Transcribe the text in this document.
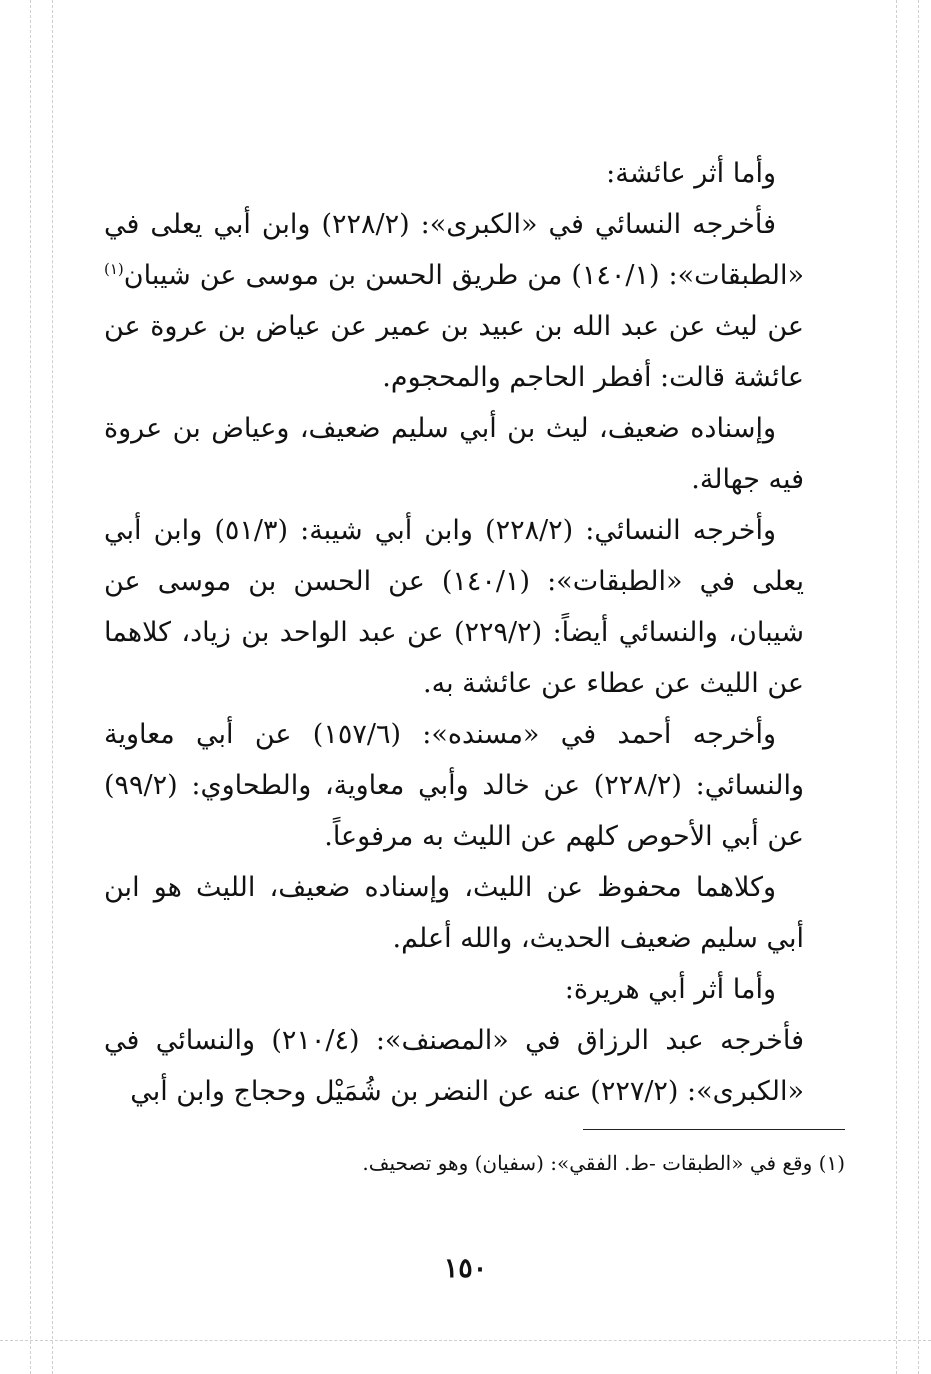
وأما أثر عائشة:

فأخرجه النسائي في «الكبرى»: (٢٢٨/٢) وابن أبي يعلى في «الطبقات»: (١٤٠/١) من طريق الحسن بن موسى عن شيبان$^{(١)}$ عن ليث عن عبد الله بن عبيد بن عمير عن عياض بن عروة عن عائشة قالت: أفطر الحاجم والمحجوم.

وإسناده ضعيف، ليث بن أبي سليم ضعيف، وعياض بن عروة فيه جهالة.

وأخرجه النسائي: (٢٢٨/٢) وابن أبي شيبة: (٥١/٣) وابن أبي يعلى في «الطبقات»: (١٤٠/١) عن الحسن بن موسى عن شيبان، والنسائي أيضاً: (٢٢٩/٢) عن عبد الواحد بن زياد، كلاهما عن الليث عن عطاء عن عائشة به.

وأخرجه أحمد في «مسنده»: (١٥٧/٦) عن أبي معاوية والنسائي: (٢٢٨/٢) عن خالد وأبي معاوية، والطحاوي: (٩٩/٢) عن أبي الأحوص كلهم عن الليث به مرفوعاً.

وكلاهما محفوظ عن الليث، وإسناده ضعيف، الليث هو ابن أبي سليم ضعيف الحديث، والله أعلم.

وأما أثر أبي هريرة:

فأخرجه عبد الرزاق في «المصنف»: (٢١٠/٤) والنسائي في «الكبرى»: (٢٢٧/٢) عنه عن النضر بن شُمَيْل وحجاج وابن أبي

(١) وقع في «الطبقات -ط. الفقي»: (سفيان) وهو تصحيف.
١٥٠
